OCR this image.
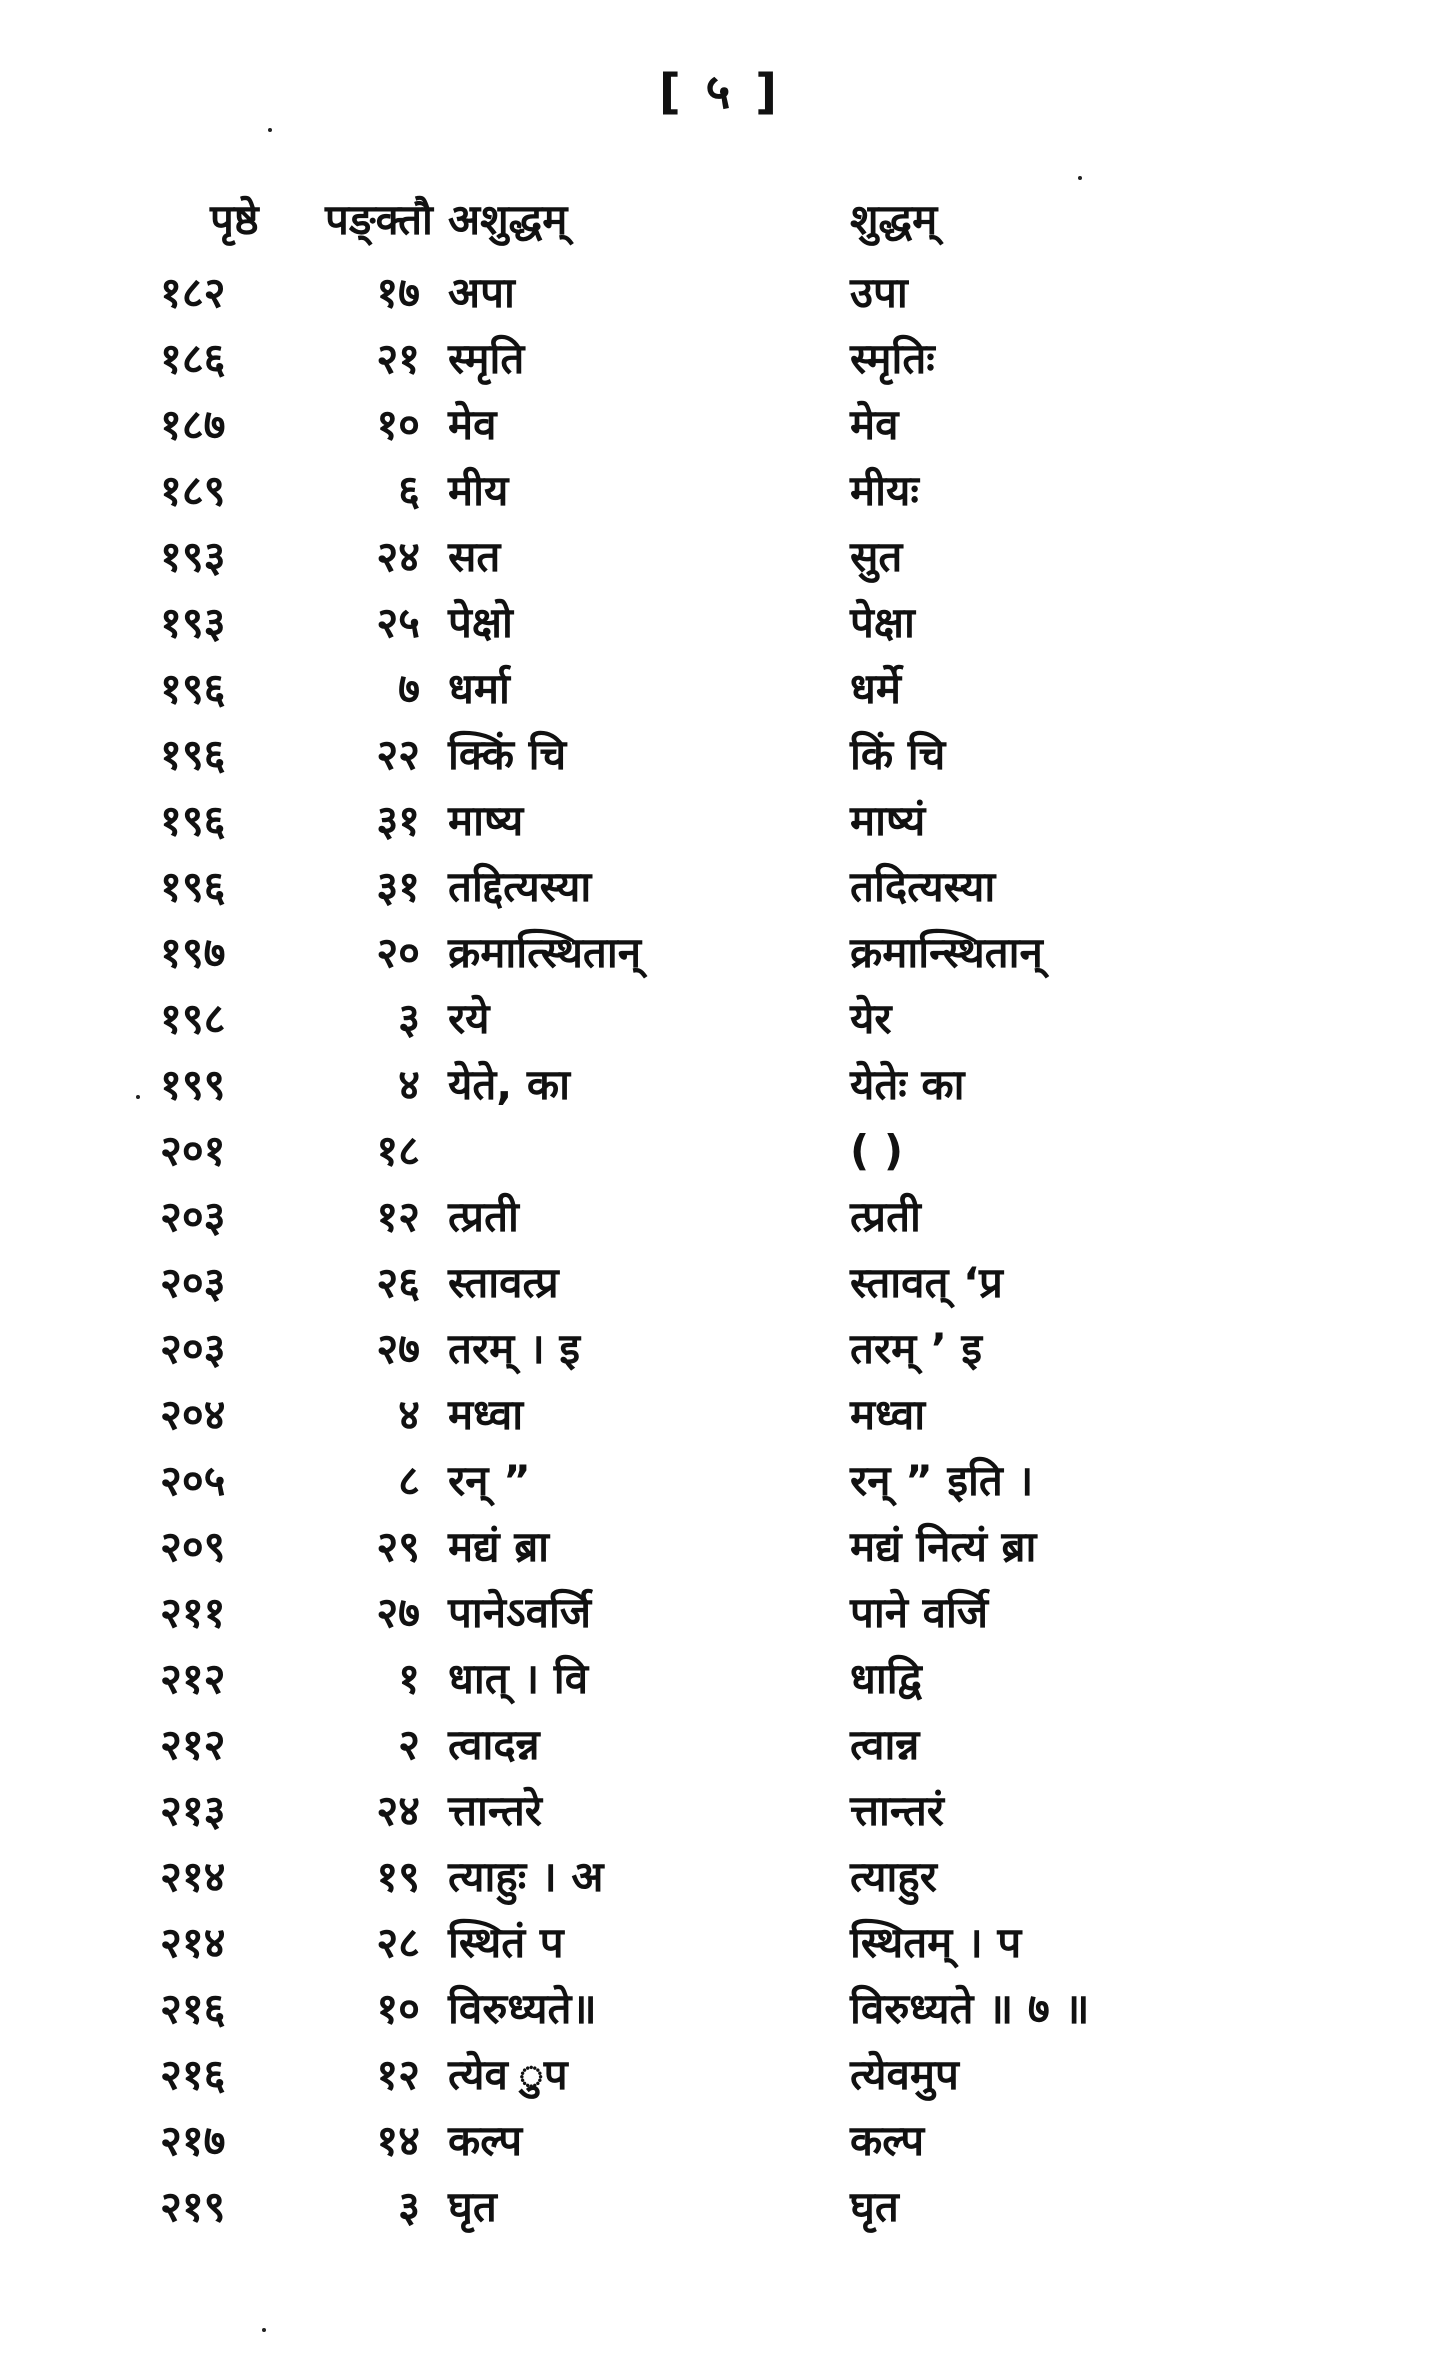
[ ५ ]
पृष्ठे	पङ्क्तौ अशुद्धम्	शुद्धम्
१८२	१७ अपा	उपा
१८६	२१ स्मृति	स्मृतिः
१८७	१० मेव	मेव
१८९	६ मीय	मीयः
१९३	२४ सत	सुत
१९३	२५ पेक्षो	पेक्षा
१९६	७ धर्मा	धर्मे
१९६	२२ क्किं चि	किं चि
१९६	३१ माष्य	माष्यं
१९६	३१ तद्दित्यस्या	तदित्यस्या
१९७	२० क्रमात्स्थितान्	क्रमान्स्थितान्
१९८	३ रये	येर
१९९	४ येते, का	येतेः का
२०१	१८	( )
२०३	१२ त्प्रती	त्प्रती
२०३	२६ स्तावत्प्र	स्तावत् ‘प्र
२०३	२७ तरम् । इ	तरम् ’ इ
२०४	४ मध्वा	मध्वा
२०५	८ रन् ”	रन् ” इति ।
२०९	२९ मद्यं ब्रा	मद्यं नित्यं ब्रा
२११	२७ पानेऽवर्जि	पाने वर्जि
२१२	१ धात् । वि	धाद्वि
२१२	२ त्वादन्न	त्वान्न
२१३	२४ त्तान्तरे	त्तान्तरं
२१४	१९ त्याहुः । अ	त्याहुर
२१४	२८ स्थितं प	स्थितम् । प
२१६	१० विरुध्यते॥	विरुध्यते ॥ ७ ॥
२१६	१२ त्येव ुप	त्येवमुप
२१७	१४ कल्प	कल्प
२१९	३ घृत	घृत
